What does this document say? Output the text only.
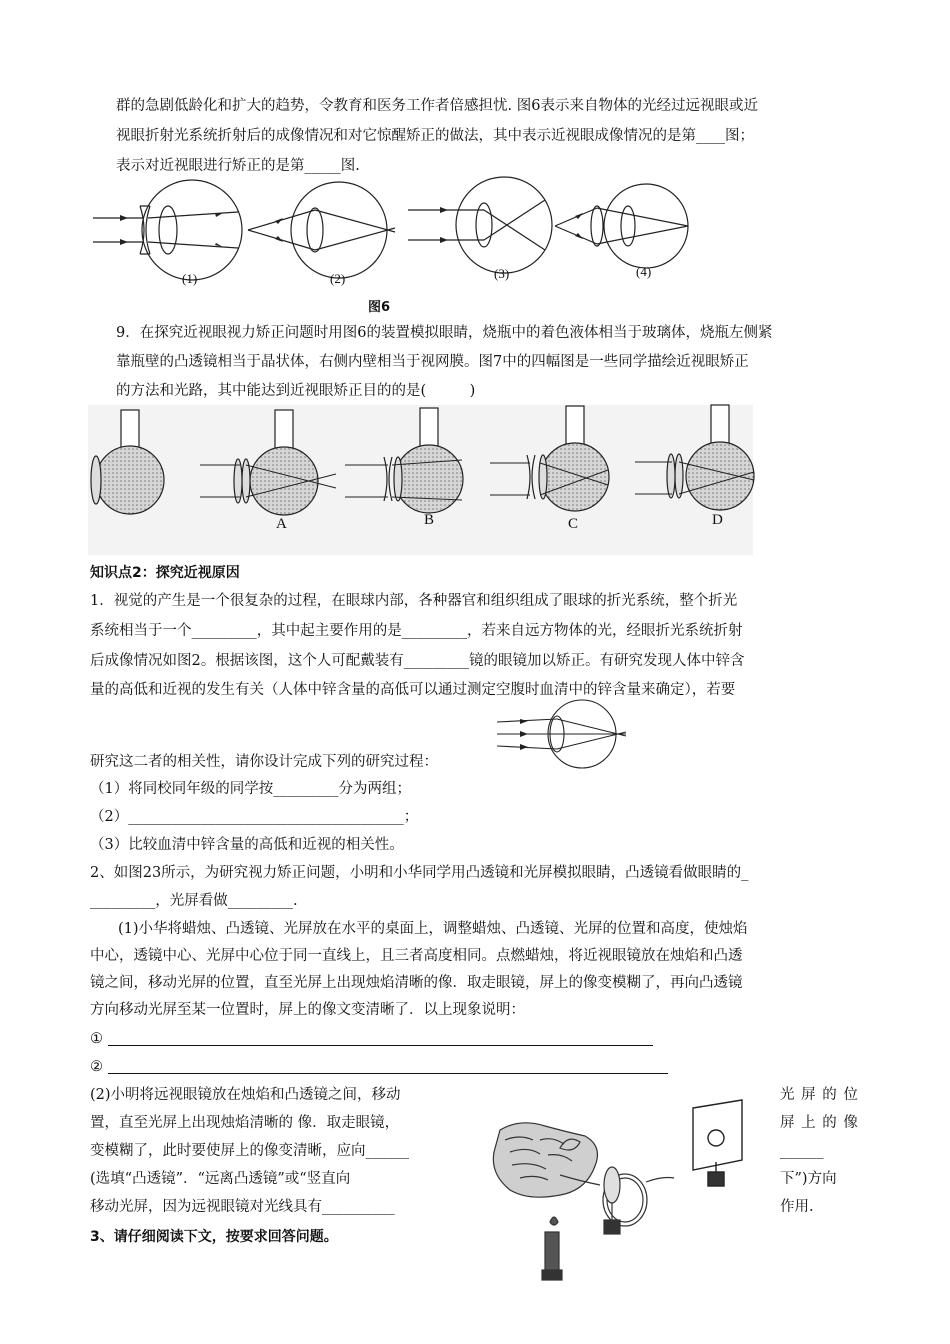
群的急剧低龄化和扩大的趋势，令教育和医务工作者倍感担忧. 图6表示来自物体的光经过远视眼或近
视眼折射光系统折射后的成像情况和对它惊醒矫正的做法，其中表示近视眼成像情况的是第____图；
表示对近视眼进行矫正的是第_____图.
(1)	(2)	(3)	(4)
图6
9．在探究近视眼视力矫正问题时用图6的装置模拟眼睛，烧瓶中的着色液体相当于玻璃体，烧瓶左侧紧
靠瓶壁的凸透镜相当于晶状体，右侧内壁相当于视网膜。图7中的四幅图是一些同学描绘近视眼矫正
的方法和光路，其中能达到近视眼矫正目的的是(　　　)
A	B	C	D
知识点2：探究近视原因
1．视觉的产生是一个很复杂的过程，在眼球内部，各种器官和组织组成了眼球的折光系统，整个折光
系统相当于一个_________，其中起主要作用的是_________，若来自远方物体的光，经眼折光系统折射
后成像情况如图2。根据该图，这个人可配戴装有_________镜的眼镜加以矫正。有研究发现人体中锌含
量的高低和近视的发生有关（人体中锌含量的高低可以通过测定空腹时血清中的锌含量来确定），若要
研究这二者的相关性，请你设计完成下列的研究过程：
（1）将同校同年级的同学按_________分为两组；
（2）______________________________________；
（3）比较血清中锌含量的高低和近视的相关性。
2、如图23所示，为研究视力矫正问题，小明和小华同学用凸透镜和光屏模拟眼睛，凸透镜看做眼睛的_
_________，光屏看做_________.
(1)小华将蜡烛、凸透镜、光屏放在水平的桌面上，调整蜡烛、凸透镜、光屏的位置和高度，使烛焰
中心，透镜中心、光屏中心位于同一直线上，且三者高度相同。点燃蜡烛，将近视眼镜放在烛焰和凸透
镜之间，移动光屏的位置，直至光屏上出现烛焰清晰的像．取走眼镜，屏上的像变模糊了，再向凸透镜
方向移动光屏至某一位置时，屏上的像文变清晰了．以上现象说明：
①
②
(2)小明将远视眼镜放在烛焰和凸透镜之间，移动	光 屏 的 位
置，直至光屏上出现烛焰清晰的 像．取走眼镜，	屏 上 的 像
变模糊了，此时要使屏上的像变清晰，应向______	______
(选填“凸透镜”．“远离凸透镜”或“竖直向	下”)方向
移动光屏，因为远视眼镜对光线具有__________	作用.
3、请仔细阅读下文，按要求回答问题。
